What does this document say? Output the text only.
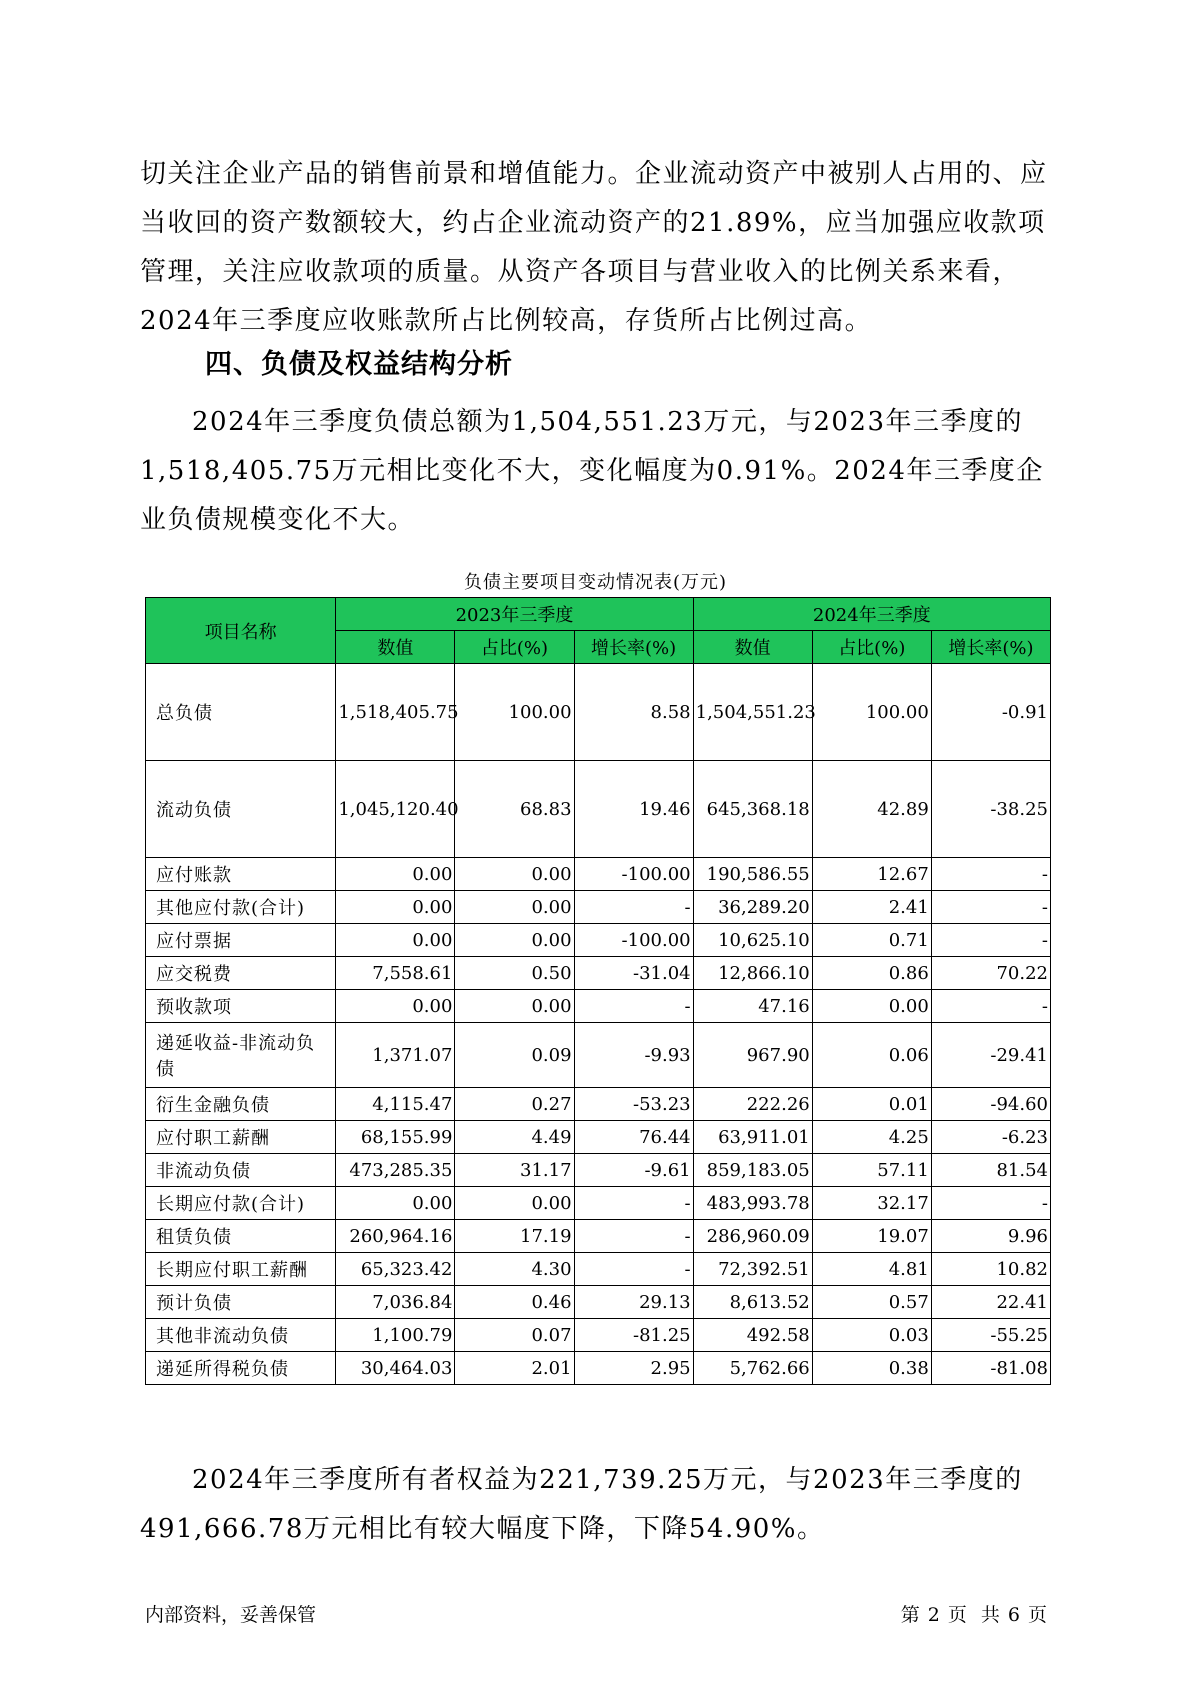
切关注企业产品的销售前景和增值能力。企业流动资产中被别人占用的、应当收回的资产数额较大，约占企业流动资产的21.89%，应当加强应收款项管理，关注应收款项的质量。从资产各项目与营业收入的比例关系来看，2024年三季度应收账款所占比例较高，存货所占比例过高。

四、负债及权益结构分析

2024年三季度负债总额为1,504,551.23万元，与2023年三季度的1,518,405.75万元相比变化不大，变化幅度为0.91%。2024年三季度企业负债规模变化不大。

负债主要项目变动情况表(万元)
项目名称	2023年三季度			2024年三季度		
	数值	占比(%)	增长率(%)	数值	占比(%)	增长率(%)
总负债	1,518,405.75	100.00	8.58	1,504,551.23	100.00	-0.91
流动负债	1,045,120.40	68.83	19.46	645,368.18	42.89	-38.25
应付账款	0.00	0.00	-100.00	190,586.55	12.67	-
其他应付款(合计)	0.00	0.00	-	36,289.20	2.41	-
应付票据	0.00	0.00	-100.00	10,625.10	0.71	-
应交税费	7,558.61	0.50	-31.04	12,866.10	0.86	70.22
预收款项	0.00	0.00	-	47.16	0.00	-
递延收益-非流动负债	1,371.07	0.09	-9.93	967.90	0.06	-29.41
衍生金融负债	4,115.47	0.27	-53.23	222.26	0.01	-94.60
应付职工薪酬	68,155.99	4.49	76.44	63,911.01	4.25	-6.23
非流动负债	473,285.35	31.17	-9.61	859,183.05	57.11	81.54
长期应付款(合计)	0.00	0.00	-	483,993.78	32.17	-
租赁负债	260,964.16	17.19	-	286,960.09	19.07	9.96
长期应付职工薪酬	65,323.42	4.30	-	72,392.51	4.81	10.82
预计负债	7,036.84	0.46	29.13	8,613.52	0.57	22.41
其他非流动负债	1,100.79	0.07	-81.25	492.58	0.03	-55.25
递延所得税负债	30,464.03	2.01	2.95	5,762.66	0.38	-81.08

2024年三季度所有者权益为221,739.25万元，与2023年三季度的491,666.78万元相比有较大幅度下降，下降54.90%。

内部资料，妥善保管	第 2 页 共 6 页
